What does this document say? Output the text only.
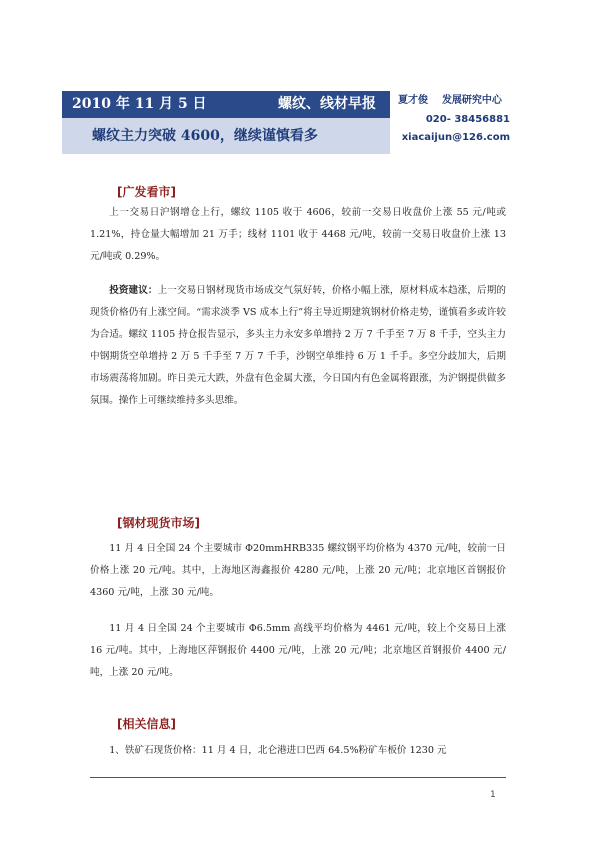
2010 年 11 月 5 日	螺纹、线材早报
螺纹主力突破 4600，继续谨慎看多
夏才俊 发展研究中心
020- 38456881
xiacaijun@126.com
[广发看市]

上一交易日沪钢增仓上行，螺纹 1105 收于 4606，较前一交易日收盘价上涨 55 元/吨或 1.21%，持仓量大幅增加 21 万手；线材 1101 收于 4468 元/吨，较前一交易日收盘价上涨 13 元/吨或 0.29%。

投资建议：上一交易日钢材现货市场成交气氛好转，价格小幅上涨，原材料成本趋涨，后期的现货价格仍有上涨空间。“需求淡季 VS 成本上行”将主导近期建筑钢材价格走势，谨慎看多或许较为合适。螺纹 1105 持仓报告显示，多头主力永安多单增持 2 万 7 千手至 7 万 8 千手，空头主力中钢期货空单增持 2 万 5 千手至 7 万 7 千手，沙钢空单维持 6 万 1 千手。多空分歧加大，后期市场震荡将加剧。昨日美元大跌，外盘有色金属大涨，今日国内有色金属将跟涨，为沪钢提供做多氛围。操作上可继续维持多头思维。

[钢材现货市场]

11 月 4 日全国 24 个主要城市 Φ20mmHRB335 螺纹钢平均价格为 4370 元/吨，较前一日价格上涨 20 元/吨。其中，上海地区海鑫报价 4280 元/吨，上涨 20 元/吨；北京地区首钢报价 4360 元/吨，上涨 30 元/吨。

11 月 4 日全国 24 个主要城市 Φ6.5mm 高线平均价格为 4461 元/吨，较上个交易日上涨 16 元/吨。其中，上海地区萍钢报价 4400 元/吨，上涨 20 元/吨；北京地区首钢报价 4400 元/吨，上涨 20 元/吨。

[相关信息]

1、铁矿石现货价格：11 月 4 日，北仑港进口巴西 64.5%粉矿车板价 1230 元

1
